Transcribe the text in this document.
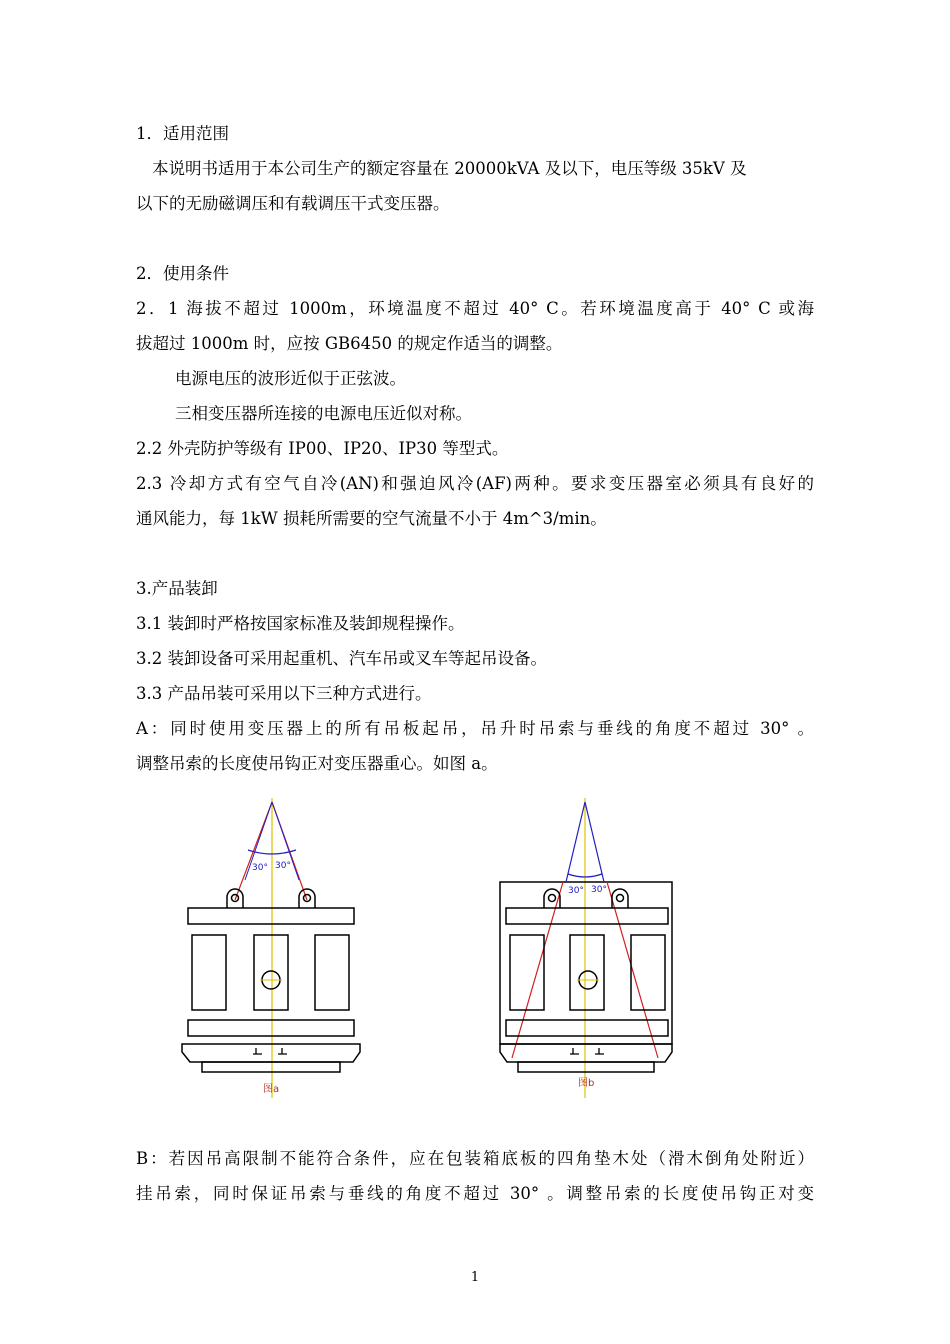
1．适用范围
本说明书适用于本公司生产的额定容量在 20000kVA 及以下，电压等级 35kV 及
以下的无励磁调压和有载调压干式变压器。
2．使用条件
2．1 海拔不超过 1000m，环境温度不超过 40° C。若环境温度高于 40° C 或海
拔超过 1000m 时，应按 GB6450 的规定作适当的调整。
电源电压的波形近似于正弦波。
三相变压器所连接的电源电压近似对称。
2.2 外壳防护等级有 IP00、IP20、IP30 等型式。
2.3 冷却方式有空气自冷(AN)和强迫风冷(AF)两种。要求变压器室必须具有良好的
通风能力，每 1kW 损耗所需要的空气流量不小于 4m^3/min。
3.产品装卸
3.1 装卸时严格按国家标准及装卸规程操作。
3.2 装卸设备可采用起重机、汽车吊或叉车等起吊设备。
3.3 产品吊装可采用以下三种方式进行。
A：同时使用变压器上的所有吊板起吊，吊升时吊索与垂线的角度不超过 30° 。
调整吊索的长度使吊钩正对变压器重心。如图 a。
30° 30°
图a
30° 30°
图b
B：若因吊高限制不能符合条件，应在包装箱底板的四角垫木处（滑木倒角处附近）
挂吊索，同时保证吊索与垂线的角度不超过 30° 。调整吊索的长度使吊钩正对变
1
